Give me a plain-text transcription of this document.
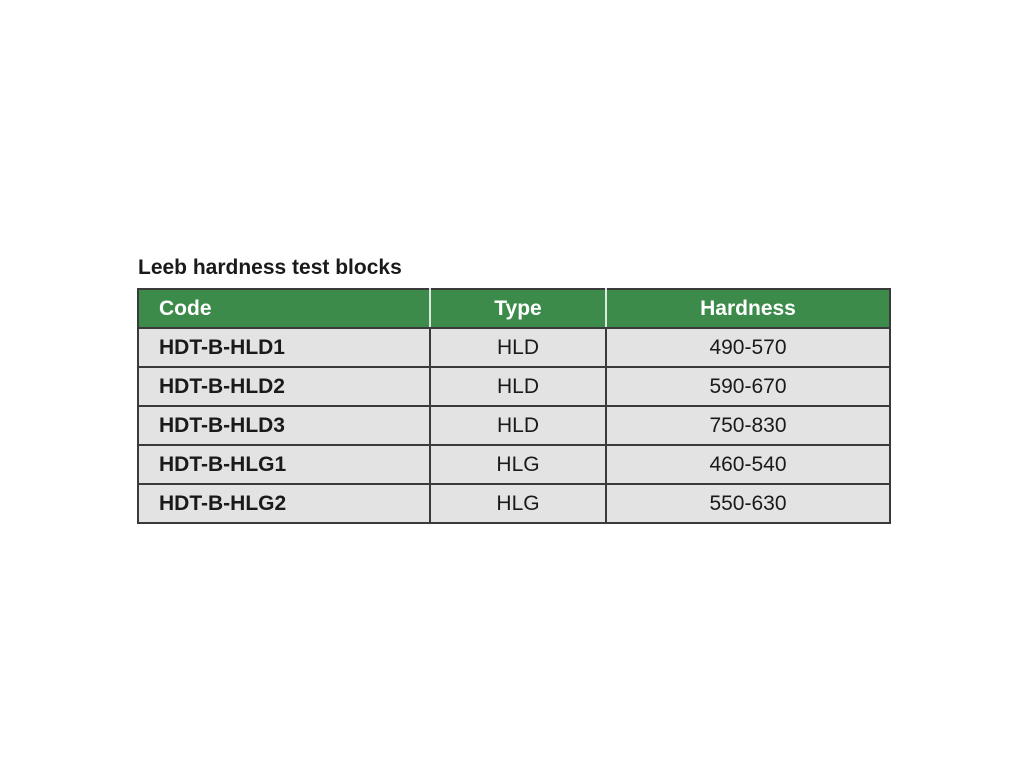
Leeb hardness test blocks
Code	Type	Hardness
HDT-B-HLD1	HLD	490-570
HDT-B-HLD2	HLD	590-670
HDT-B-HLD3	HLD	750-830
HDT-B-HLG1	HLG	460-540
HDT-B-HLG2	HLG	550-630
